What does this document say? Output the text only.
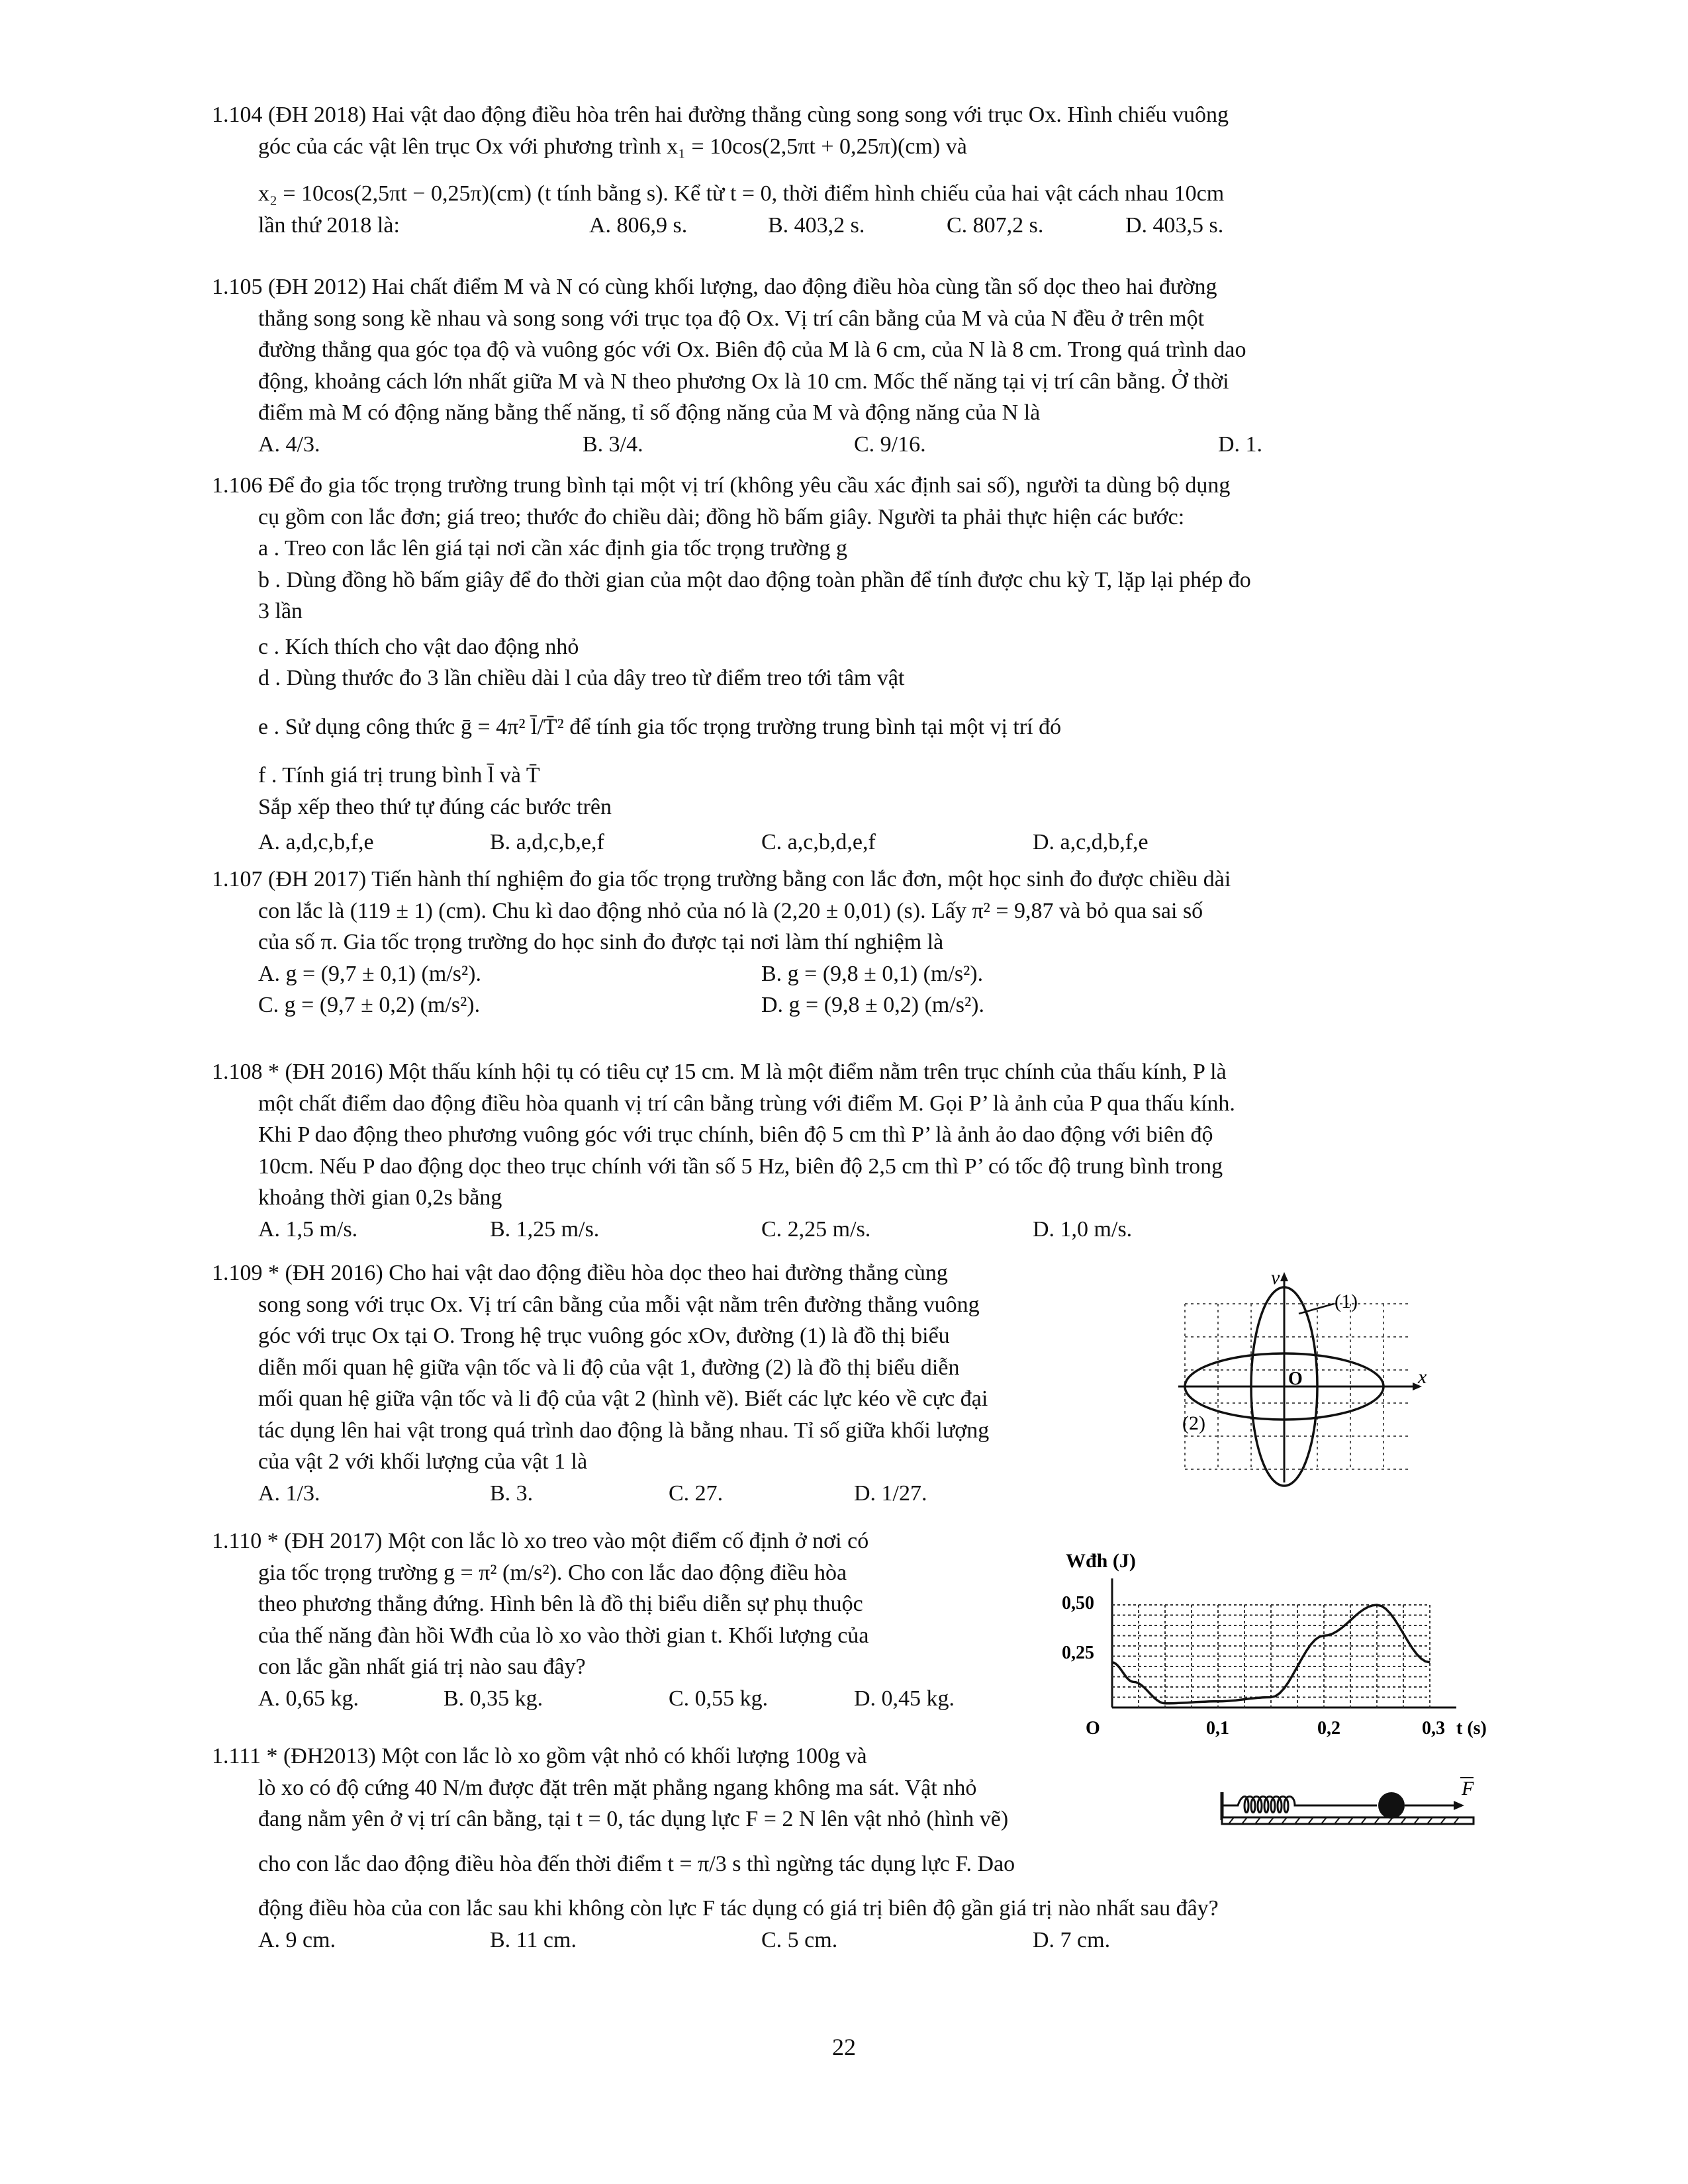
1.104 (ĐH 2018) Hai vật dao động điều hòa trên hai đường thẳng cùng song song với trục Ox. Hình chiếu vuông
góc của các vật lên trục Ox với phương trình x₁ = 10cos(2,5πt + 0,25π)(cm) và
x₂ = 10cos(2,5πt − 0,25π)(cm) (t tính bằng s). Kể từ t = 0, thời điểm hình chiếu của hai vật cách nhau 10cm
lần thứ 2018 là:	A. 806,9 s.	B. 403,2 s.	C. 807,2 s.	D. 403,5 s.
1.105 (ĐH 2012) Hai chất điểm M và N có cùng khối lượng, dao động điều hòa cùng tần số dọc theo hai đường
thẳng song song kề nhau và song song với trục tọa độ Ox. Vị trí cân bằng của M và của N đều ở trên một
đường thẳng qua góc tọa độ và vuông góc với Ox. Biên độ của M là 6 cm, của N là 8 cm. Trong quá trình dao
động, khoảng cách lớn nhất giữa M và N theo phương Ox là 10 cm. Mốc thế năng tại vị trí cân bằng. Ở thời
điểm mà M có động năng bằng thế năng, tỉ số động năng của M và động năng của N là
A. 4/3.	B. 3/4.	C. 9/16.	D. 1.
1.106 Để đo gia tốc trọng trường trung bình tại một vị trí (không yêu cầu xác định sai số), người ta dùng bộ dụng
cụ gồm con lắc đơn; giá treo; thước đo chiều dài; đồng hồ bấm giây. Người ta phải thực hiện các bước:
a . Treo con lắc lên giá tại nơi cần xác định gia tốc trọng trường g
b . Dùng đồng hồ bấm giây để đo thời gian của một dao động toàn phần để tính được chu kỳ T, lặp lại phép đo
3 lần
c . Kích thích cho vật dao động nhỏ
d . Dùng thước đo 3 lần chiều dài l của dây treo từ điểm treo tới tâm vật
e . Sử dụng công thức ḡ = 4π² l̄/T̄² để tính gia tốc trọng trường trung bình tại một vị trí đó
f . Tính giá trị trung bình l̄ và T̄
Sắp xếp theo thứ tự đúng các bước trên
A. a,d,c,b,f,e	B. a,d,c,b,e,f	C. a,c,b,d,e,f	D. a,c,d,b,f,e
1.107 (ĐH 2017) Tiến hành thí nghiệm đo gia tốc trọng trường bằng con lắc đơn, một học sinh đo được chiều dài
con lắc là (119 ± 1) (cm). Chu kì dao động nhỏ của nó là (2,20 ± 0,01) (s). Lấy π² = 9,87 và bỏ qua sai số
của số π. Gia tốc trọng trường do học sinh đo được tại nơi làm thí nghiệm là
A. g = (9,7 ± 0,1) (m/s²).	B. g = (9,8 ± 0,1) (m/s²).
C. g = (9,7 ± 0,2) (m/s²).	D. g = (9,8 ± 0,2) (m/s²).
1.108 * (ĐH 2016) Một thấu kính hội tụ có tiêu cự 15 cm. M là một điểm nằm trên trục chính của thấu kính, P là
một chất điểm dao động điều hòa quanh vị trí cân bằng trùng với điểm M. Gọi P’ là ảnh của P qua thấu kính.
Khi P dao động theo phương vuông góc với trục chính, biên độ 5 cm thì P’ là ảnh ảo dao động với biên độ
10cm. Nếu P dao động dọc theo trục chính với tần số 5 Hz, biên độ 2,5 cm thì P’ có tốc độ trung bình trong
khoảng thời gian 0,2s bằng
A. 1,5 m/s.	B. 1,25 m/s.	C. 2,25 m/s.	D. 1,0 m/s.
1.109 * (ĐH 2016) Cho hai vật dao động điều hòa dọc theo hai đường thẳng cùng
song song với trục Ox. Vị trí cân bằng của mỗi vật nằm trên đường thẳng vuông
góc với trục Ox tại O. Trong hệ trục vuông góc xOv, đường (1) là đồ thị biểu
diễn mối quan hệ giữa vận tốc và li độ của vật 1, đường (2) là đồ thị biểu diễn
mối quan hệ giữa vận tốc và li độ của vật 2 (hình vẽ). Biết các lực kéo về cực đại
tác dụng lên hai vật trong quá trình dao động là bằng nhau. Tỉ số giữa khối lượng
của vật 2 với khối lượng của vật 1 là
A. 1/3.	B. 3.	C. 27.	D. 1/27.
v
x
O
(1)
(2)
1.110 * (ĐH 2017) Một con lắc lò xo treo vào một điểm cố định ở nơi có
gia tốc trọng trường g = π² (m/s²). Cho con lắc dao động điều hòa
theo phương thẳng đứng. Hình bên là đồ thị biểu diễn sự phụ thuộc
của thế năng đàn hồi Wđh của lò xo vào thời gian t. Khối lượng của
con lắc gần nhất giá trị nào sau đây?
A. 0,65 kg.	B. 0,35 kg.	C. 0,55 kg.	D. 0,45 kg.
Wđh (J)
0,50
0,25
O	0,1	0,2	0,3 t (s)
1.111 * (ĐH2013) Một con lắc lò xo gồm vật nhỏ có khối lượng 100g và
lò xo có độ cứng 40 N/m được đặt trên mặt phẳng ngang không ma sát. Vật nhỏ
đang nằm yên ở vị trí cân bằng, tại t = 0, tác dụng lực F = 2 N lên vật nhỏ (hình vẽ)
cho con lắc dao động điều hòa đến thời điểm t = π/3 s thì ngừng tác dụng lực F. Dao
động điều hòa của con lắc sau khi không còn lực F tác dụng có giá trị biên độ gần giá trị nào nhất sau đây?
A. 9 cm.	B. 11 cm.	C. 5 cm.	D. 7 cm.
F
22
